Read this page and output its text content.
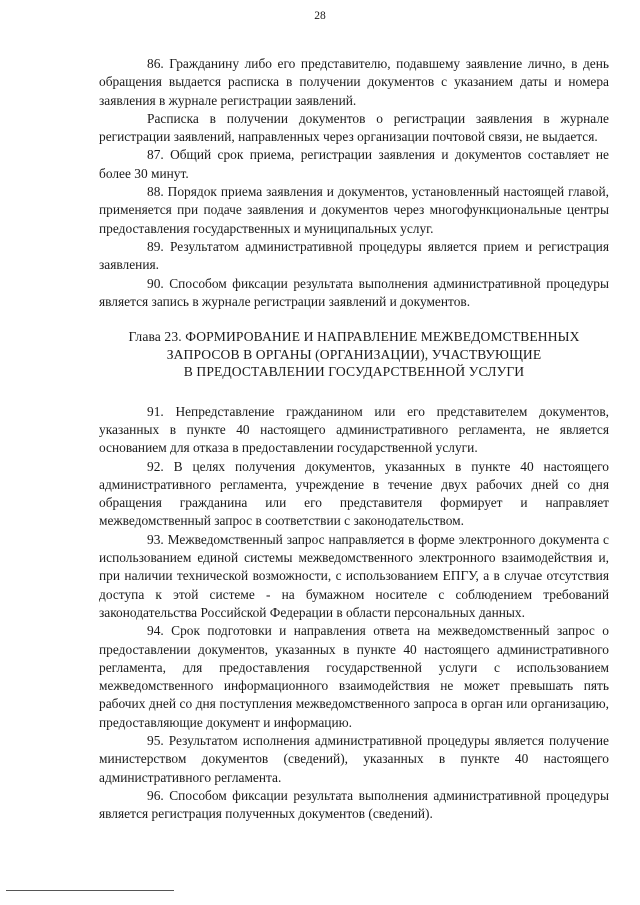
28

86. Гражданину либо его представителю, подавшему заявление лично, в день обращения выдается расписка в получении документов с указанием даты и номера заявления в журнале регистрации заявлений.

Расписка в получении документов о регистрации заявления в журнале регистрации заявлений, направленных через организации почтовой связи, не выдается.

87. Общий срок приема, регистрации заявления и документов составляет не более 30 минут.

88. Порядок приема заявления и документов, установленный настоящей главой, применяется при подаче заявления и документов через многофункциональные центры предоставления государственных и муниципальных услуг.

89. Результатом административной процедуры является прием и регистрация заявления.

90. Способом фиксации результата выполнения административной процедуры является запись в журнале регистрации заявлений и документов.

Глава 23. ФОРМИРОВАНИЕ И НАПРАВЛЕНИЕ МЕЖВЕДОМСТВЕННЫХ
ЗАПРОСОВ В ОРГАНЫ (ОРГАНИЗАЦИИ), УЧАСТВУЮЩИЕ
В ПРЕДОСТАВЛЕНИИ ГОСУДАРСТВЕННОЙ УСЛУГИ

91. Непредставление гражданином или его представителем документов, указанных в пункте 40 настоящего административного регламента, не является основанием для отказа в предоставлении государственной услуги.

92. В целях получения документов, указанных в пункте 40 настоящего административного регламента, учреждение в течение двух рабочих дней со дня обращения гражданина или его представителя формирует и направляет межведомственный запрос в соответствии с законодательством.

93. Межведомственный запрос направляется в форме электронного документа с использованием единой системы межведомственного электронного взаимодействия и, при наличии технической возможности, с использованием ЕПГУ, а в случае отсутствия доступа к этой системе - на бумажном носителе с соблюдением требований законодательства Российской Федерации в области персональных данных.

94. Срок подготовки и направления ответа на межведомственный запрос о предоставлении документов, указанных в пункте 40 настоящего административного регламента, для предоставления государственной услуги с использованием межведомственного информационного взаимодействия не может превышать пять рабочих дней со дня поступления межведомственного запроса в орган или организацию, предоставляющие документ и информацию.

95. Результатом исполнения административной процедуры является получение министерством документов (сведений), указанных в пункте 40 настоящего административного регламента.

96. Способом фиксации результата выполнения административной процедуры является регистрация полученных документов (сведений).
